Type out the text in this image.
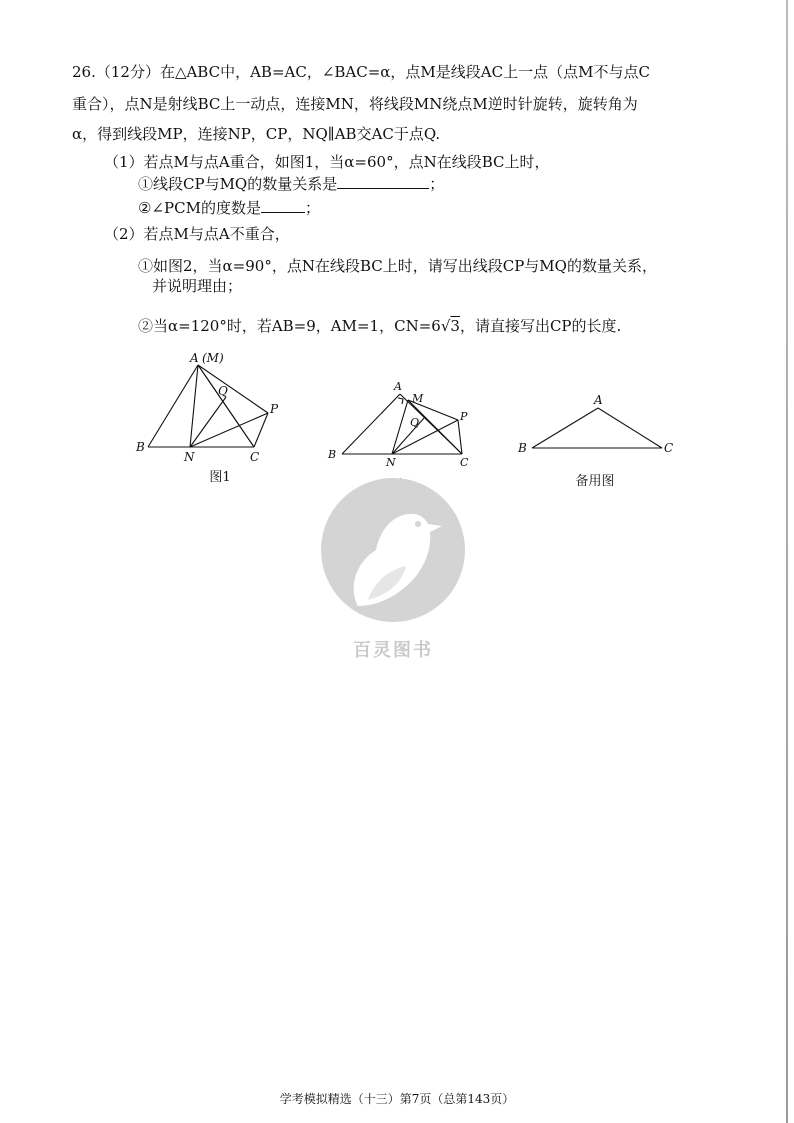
26.（12分）在△ABC中，AB=AC，∠BAC=α，点M是线段AC上一点（点M不与点C
重合），点N是射线BC上一动点，连接MN，将线段MN绕点M逆时针旋转，旋转角为
α，得到线段MP，连接NP，CP，NQ∥AB交AC于点Q.
（1）若点M与点A重合，如图1，当α=60°，点N在线段BC上时，
①线段CP与MQ的数量关系是	；
②∠PCM的度数是	；
（2）若点M与点A不重合，
①如图2，当α=90°，点N在线段BC上时，请写出线段CP与MQ的数量关系，
并说明理由；
②当α=120°时，若AB=9，AM=1，CN=6√3，请直接写出CP的长度.
A (M)
B
C
N
P
Q
图1
A
M
B
C
N
P
Q
A
B	C
备用图
百灵图书
学考模拟精选（十三）第7页（总第143页）
